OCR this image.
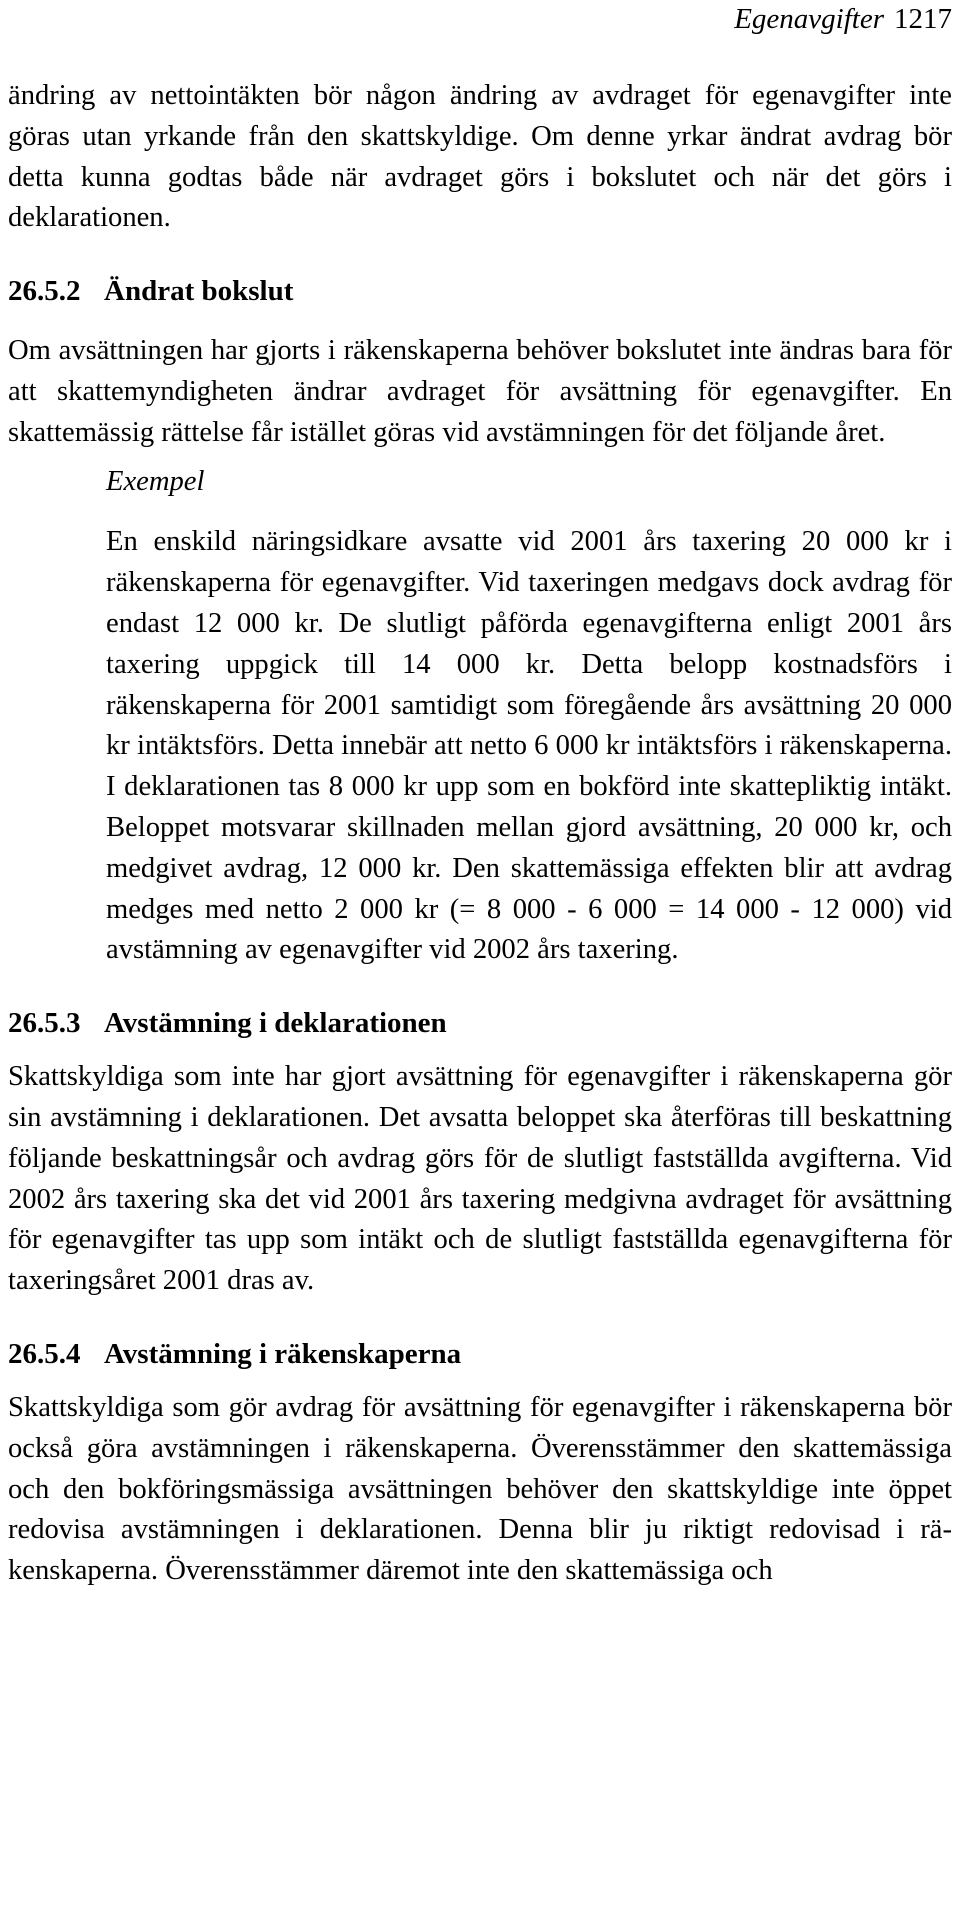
Egenavgifter 1217

ändring av nettointäkten bör någon ändring av avdraget för egenavgifter inte göras utan yrkande från den skattskyldige. Om denne yrkar ändrat avdrag bör detta kunna godtas både när avdraget görs i bokslutet och när det görs i deklarationen.

26.5.2 Ändrat bokslut

Om avsättningen har gjorts i räkenskaperna behöver bokslutet inte ändras bara för att skattemyndigheten ändrar avdraget för avsättning för egenavgifter. En skattemässig rättelse får istället göras vid avstämningen för det följande året.

Exempel

En enskild näringsidkare avsatte vid 2001 års taxering 20 000 kr i räkenskaperna för egenavgifter. Vid taxeringen medgavs dock avdrag för endast 12 000 kr. De slutligt påförda egenavgifterna enligt 2001 års taxering uppgick till 14 000 kr. Detta belopp kostnadsförs i räkenskaperna för 2001 samtidigt som föregående års avsättning 20 000 kr intäktsförs. Detta innebär att netto 6 000 kr intäktsförs i räkenskaperna. I deklarationen tas 8 000 kr upp som en bokförd inte skattepliktig intäkt. Beloppet motsvarar skillnaden mellan gjord avsättning, 20 000 kr, och medgivet avdrag, 12 000 kr. Den skattemässiga effekten blir att avdrag medges med netto 2 000 kr (= 8 000 - 6 000 = 14 000 - 12 000) vid avstämning av egenavgifter vid 2002 års taxering.

26.5.3 Avstämning i deklarationen

Skattskyldiga som inte har gjort avsättning för egenavgifter i räkenskaperna gör sin avstämning i deklarationen. Det avsatta beloppet ska återföras till beskattning följande beskattningsår och avdrag görs för de slutligt fastställda avgifterna. Vid 2002 års taxering ska det vid 2001 års taxering medgivna avdraget för avsättning för egenavgifter tas upp som intäkt och de slutligt fastställda egenavgifterna för taxeringsåret 2001 dras av.

26.5.4 Avstämning i räkenskaperna

Skattskyldiga som gör avdrag för avsättning för egenavgifter i räkenskaperna bör också göra avstämningen i räkenskaperna. Överensstämmer den skattemässiga och den bokföringsmässiga avsättningen behöver den skattskyldige inte öppet redovisa avstämningen i deklarationen. Denna blir ju riktigt redovisad i räkenskaperna. Överensstämmer däremot inte den skattemässiga och
